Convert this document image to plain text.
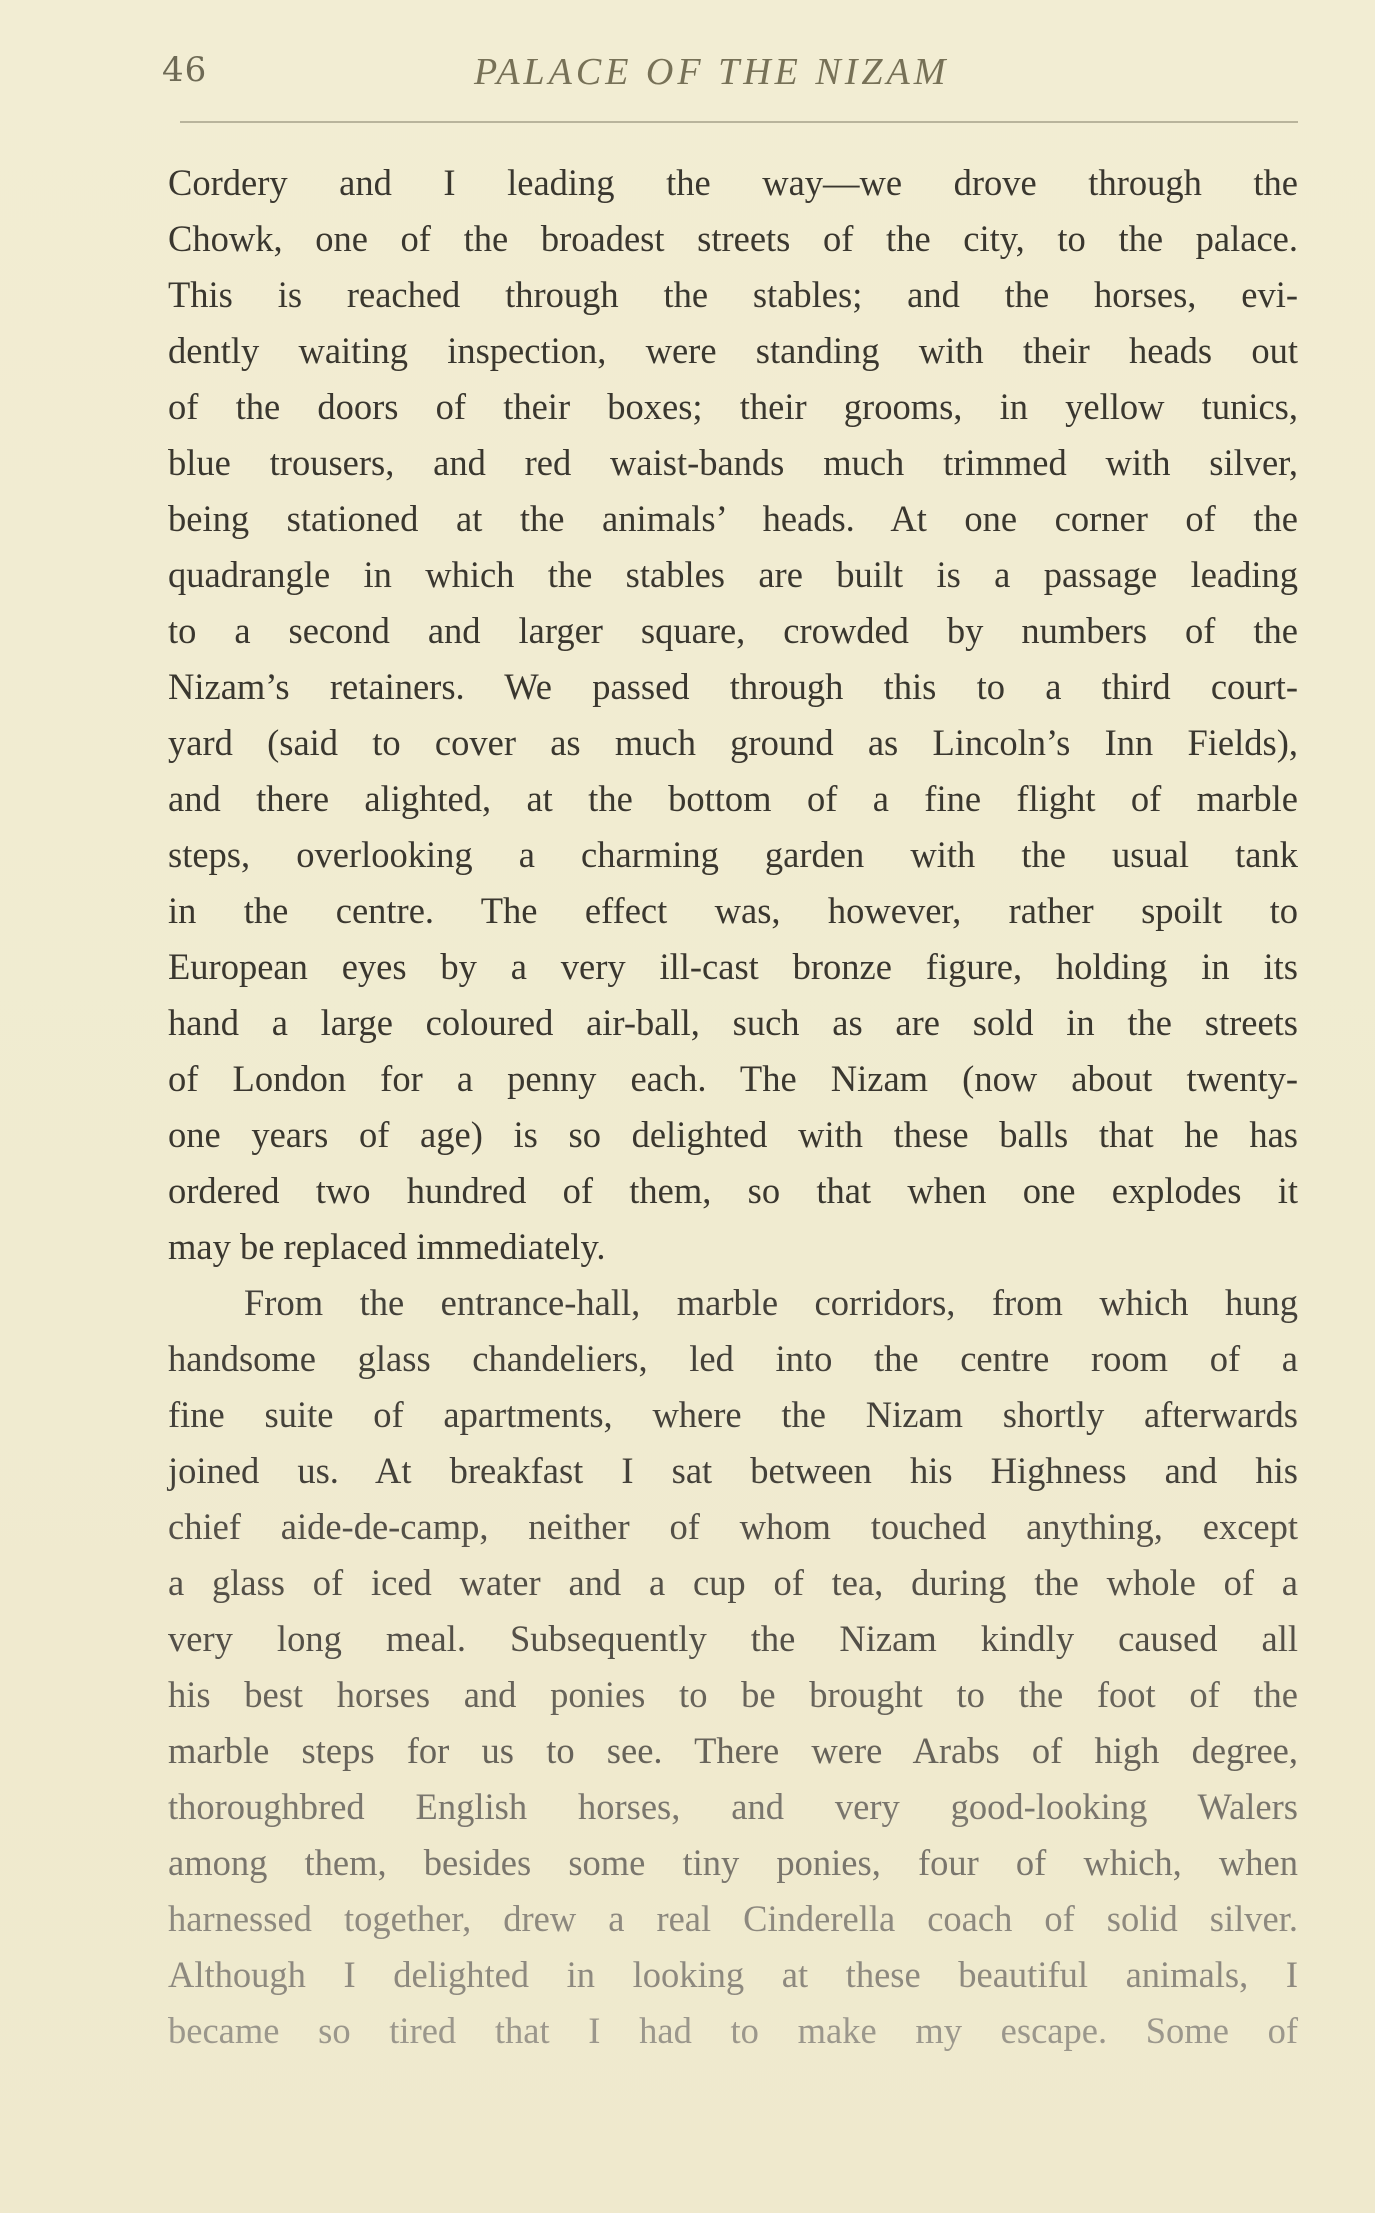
46	PALACE OF THE NIZAM
Cordery and I leading the way—we drove through the
Chowk, one of the broadest streets of the city, to the palace.
This is reached through the stables; and the horses, evi-
dently waiting inspection, were standing with their heads out
of the doors of their boxes; their grooms, in yellow tunics,
blue trousers, and red waist-bands much trimmed with silver,
being stationed at the animals’ heads. At one corner of the
quadrangle in which the stables are built is a passage leading
to a second and larger square, crowded by numbers of the
Nizam’s retainers. We passed through this to a third court-
yard (said to cover as much ground as Lincoln’s Inn Fields),
and there alighted, at the bottom of a fine flight of marble
steps, overlooking a charming garden with the usual tank
in the centre. The effect was, however, rather spoilt to
European eyes by a very ill-cast bronze figure, holding in its
hand a large coloured air-ball, such as are sold in the streets
of London for a penny each. The Nizam (now about twenty-
one years of age) is so delighted with these balls that he has
ordered two hundred of them, so that when one explodes it
may be replaced immediately.
From the entrance-hall, marble corridors, from which hung
handsome glass chandeliers, led into the centre room of a
fine suite of apartments, where the Nizam shortly afterwards
joined us. At breakfast I sat between his Highness and his
chief aide-de-camp, neither of whom touched anything, except
a glass of iced water and a cup of tea, during the whole of a
very long meal. Subsequently the Nizam kindly caused all
his best horses and ponies to be brought to the foot of the
marble steps for us to see. There were Arabs of high degree,
thoroughbred English horses, and very good-looking Walers
among them, besides some tiny ponies, four of which, when
harnessed together, drew a real Cinderella coach of solid silver.
Although I delighted in looking at these beautiful animals, I
became so tired that I had to make my escape. Some of
